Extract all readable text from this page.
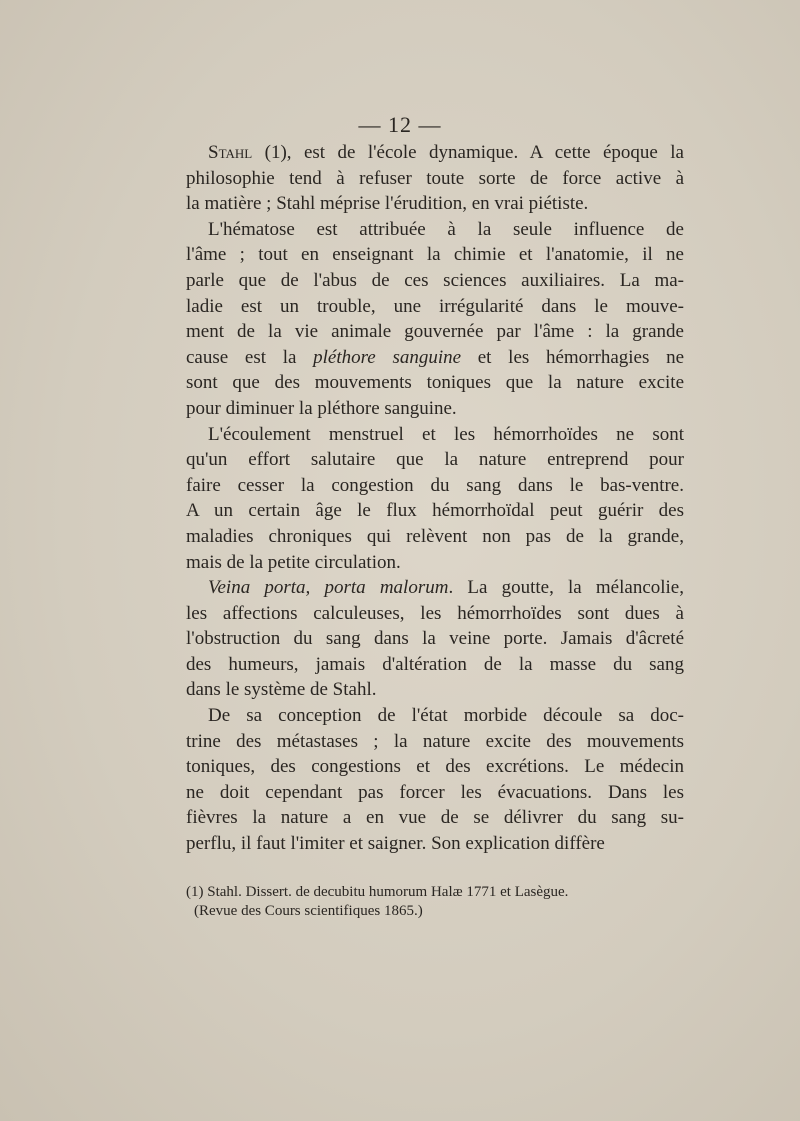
— 12 —
Stahl (1), est de l'école dynamique. A cette époque la
philosophie tend à refuser toute sorte de force active à
la matière ; Stahl méprise l'érudition, en vrai piétiste.
L'hématose est attribuée à la seule influence de
l'âme ; tout en enseignant la chimie et l'anatomie, il ne
parle que de l'abus de ces sciences auxiliaires. La ma-
ladie est un trouble, une irrégularité dans le mouve-
ment de la vie animale gouvernée par l'âme : la grande
cause est la pléthore sanguine et les hémorrhagies ne
sont que des mouvements toniques que la nature excite
pour diminuer la pléthore sanguine.
L'écoulement menstruel et les hémorrhoïdes ne sont
qu'un effort salutaire que la nature entreprend pour
faire cesser la congestion du sang dans le bas-ventre.
A un certain âge le flux hémorrhoïdal peut guérir des
maladies chroniques qui relèvent non pas de la grande,
mais de la petite circulation.
Veina porta, porta malorum. La goutte, la mélancolie,
les affections calculeuses, les hémorrhoïdes sont dues à
l'obstruction du sang dans la veine porte. Jamais d'âcreté
des humeurs, jamais d'altération de la masse du sang
dans le système de Stahl.
De sa conception de l'état morbide découle sa doc-
trine des métastases ; la nature excite des mouvements
toniques, des congestions et des excrétions. Le médecin
ne doit cependant pas forcer les évacuations. Dans les
fièvres la nature a en vue de se délivrer du sang su-
perflu, il faut l'imiter et saigner. Son explication diffère
(1) Stahl. Dissert. de decubitu humorum Halæ 1771 et Lasègue.
(Revue des Cours scientifiques 1865.)
